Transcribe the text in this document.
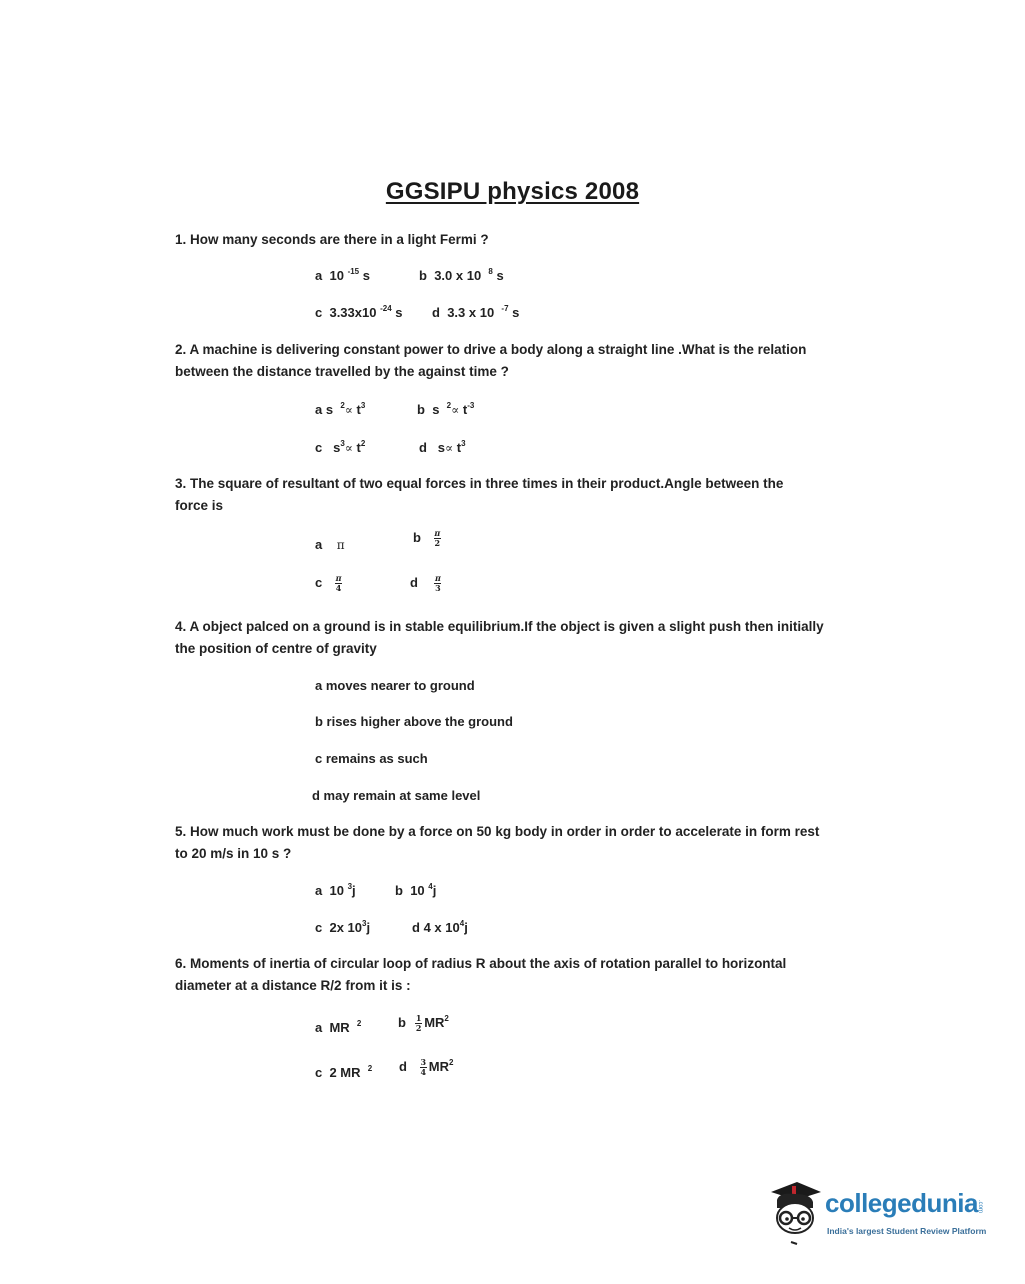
GGSIPU physics 2008
1. How many seconds are there in a light Fermi ?
a 10 $^{-15}$ s	b 3.0 x 10 $^8$ s
c 3.33x10 $^{-24}$ s d 3.3 x 10 $^{-7}$ s
2. A machine is delivering constant power to drive a body along a straight line .What is the relation
between the distance travelled by the against time ?
a s $^2\propto t^3$	b s $^2\propto t^{-3}$
c $s^3\propto t^2$	d $s\propto t^3$
3. The square of resultant of two equal forces in three times in their product.Angle between the
force is
a π
b $\frac{\pi}{2}$
c $\frac{\pi}{4}$	d $\frac{\pi}{3}$
4. A object palced on a ground is in stable equilibrium.If the object is given a slight push then initially
the position of centre of gravity
a moves nearer to ground
b rises higher above the ground
c remains as such
d may remain at same level
5. How much work must be done by a force on 50 kg body in order in order to accelerate in form rest
to 20 m/s in 10 s ?
a 10 $^3$j	b 10 $^4$j
c 2x $10^3j$	d 4 x $10^4j$
6. Moments of inertia of circular loop of radius R about the axis of rotation parallel to horizontal
diameter at a distance R/2 from it is :
a MR $^2$	b $\frac{1}{2} MR^2$
c 2 MR $^2$ d $\frac{3}{4} MR^2$
collegedunia .com
India's largest Student Review Platform
